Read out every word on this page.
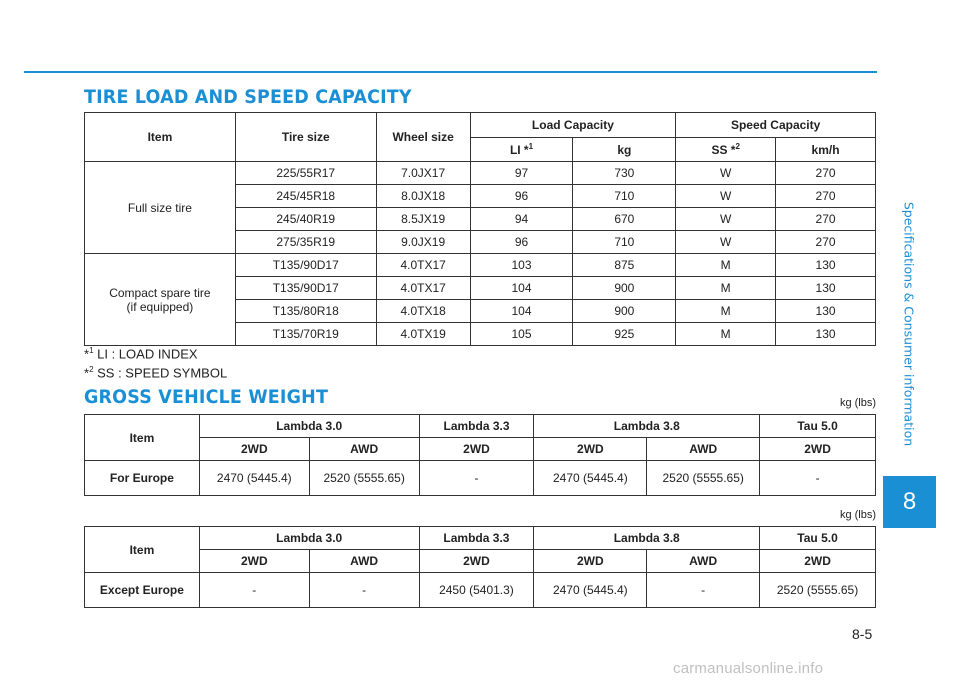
TIRE LOAD AND SPEED CAPACITY
Item	Tire size	Wheel size	Load Capacity		Speed Capacity	
			LI *$^1$	kg	SS *$^2$	km/h

Full size tire	225/55R17	7.0JX17	97	730	W	270
	245/45R18	8.0JX18	96	710	W	270
	245/40R19	8.5JX19	94	670	W	270
	275/35R19	9.0JX19	96	710	W	270

Compact spare tire
(if equipped)	T135/90D17	4.0TX17	103	875	M	130
	T135/90D17	4.0TX17	104	900	M	130
	T135/80R18	4.0TX18	104	900	M	130
	T135/70R19	4.0TX19	105	925	M	130
*$^1$ LI : LOAD INDEX
*$^2$ SS : SPEED SYMBOL
GROSS VEHICLE WEIGHT	kg (lbs)
kg (lbs)
Item	Lambda 3.0		Lambda 3.3	Lambda 3.8		Tau 5.0
	2WD	AWD	2WD	2WD	AWD	2WD
For Europe	2470 (5445.4)	2520 (5555.65)	-	2470 (5445.4)	2520 (5555.65)	-
Item	Lambda 3.0		Lambda 3.3	Lambda 3.8		Tau 5.0
	2WD	AWD	2WD	2WD	AWD	2WD
Except Europe	-	-	2450 (5401.3)	2470 (5445.4)	-	2520 (5555.65)
Specifications & Consumer information
8
8-5
carmanualsonline.info
